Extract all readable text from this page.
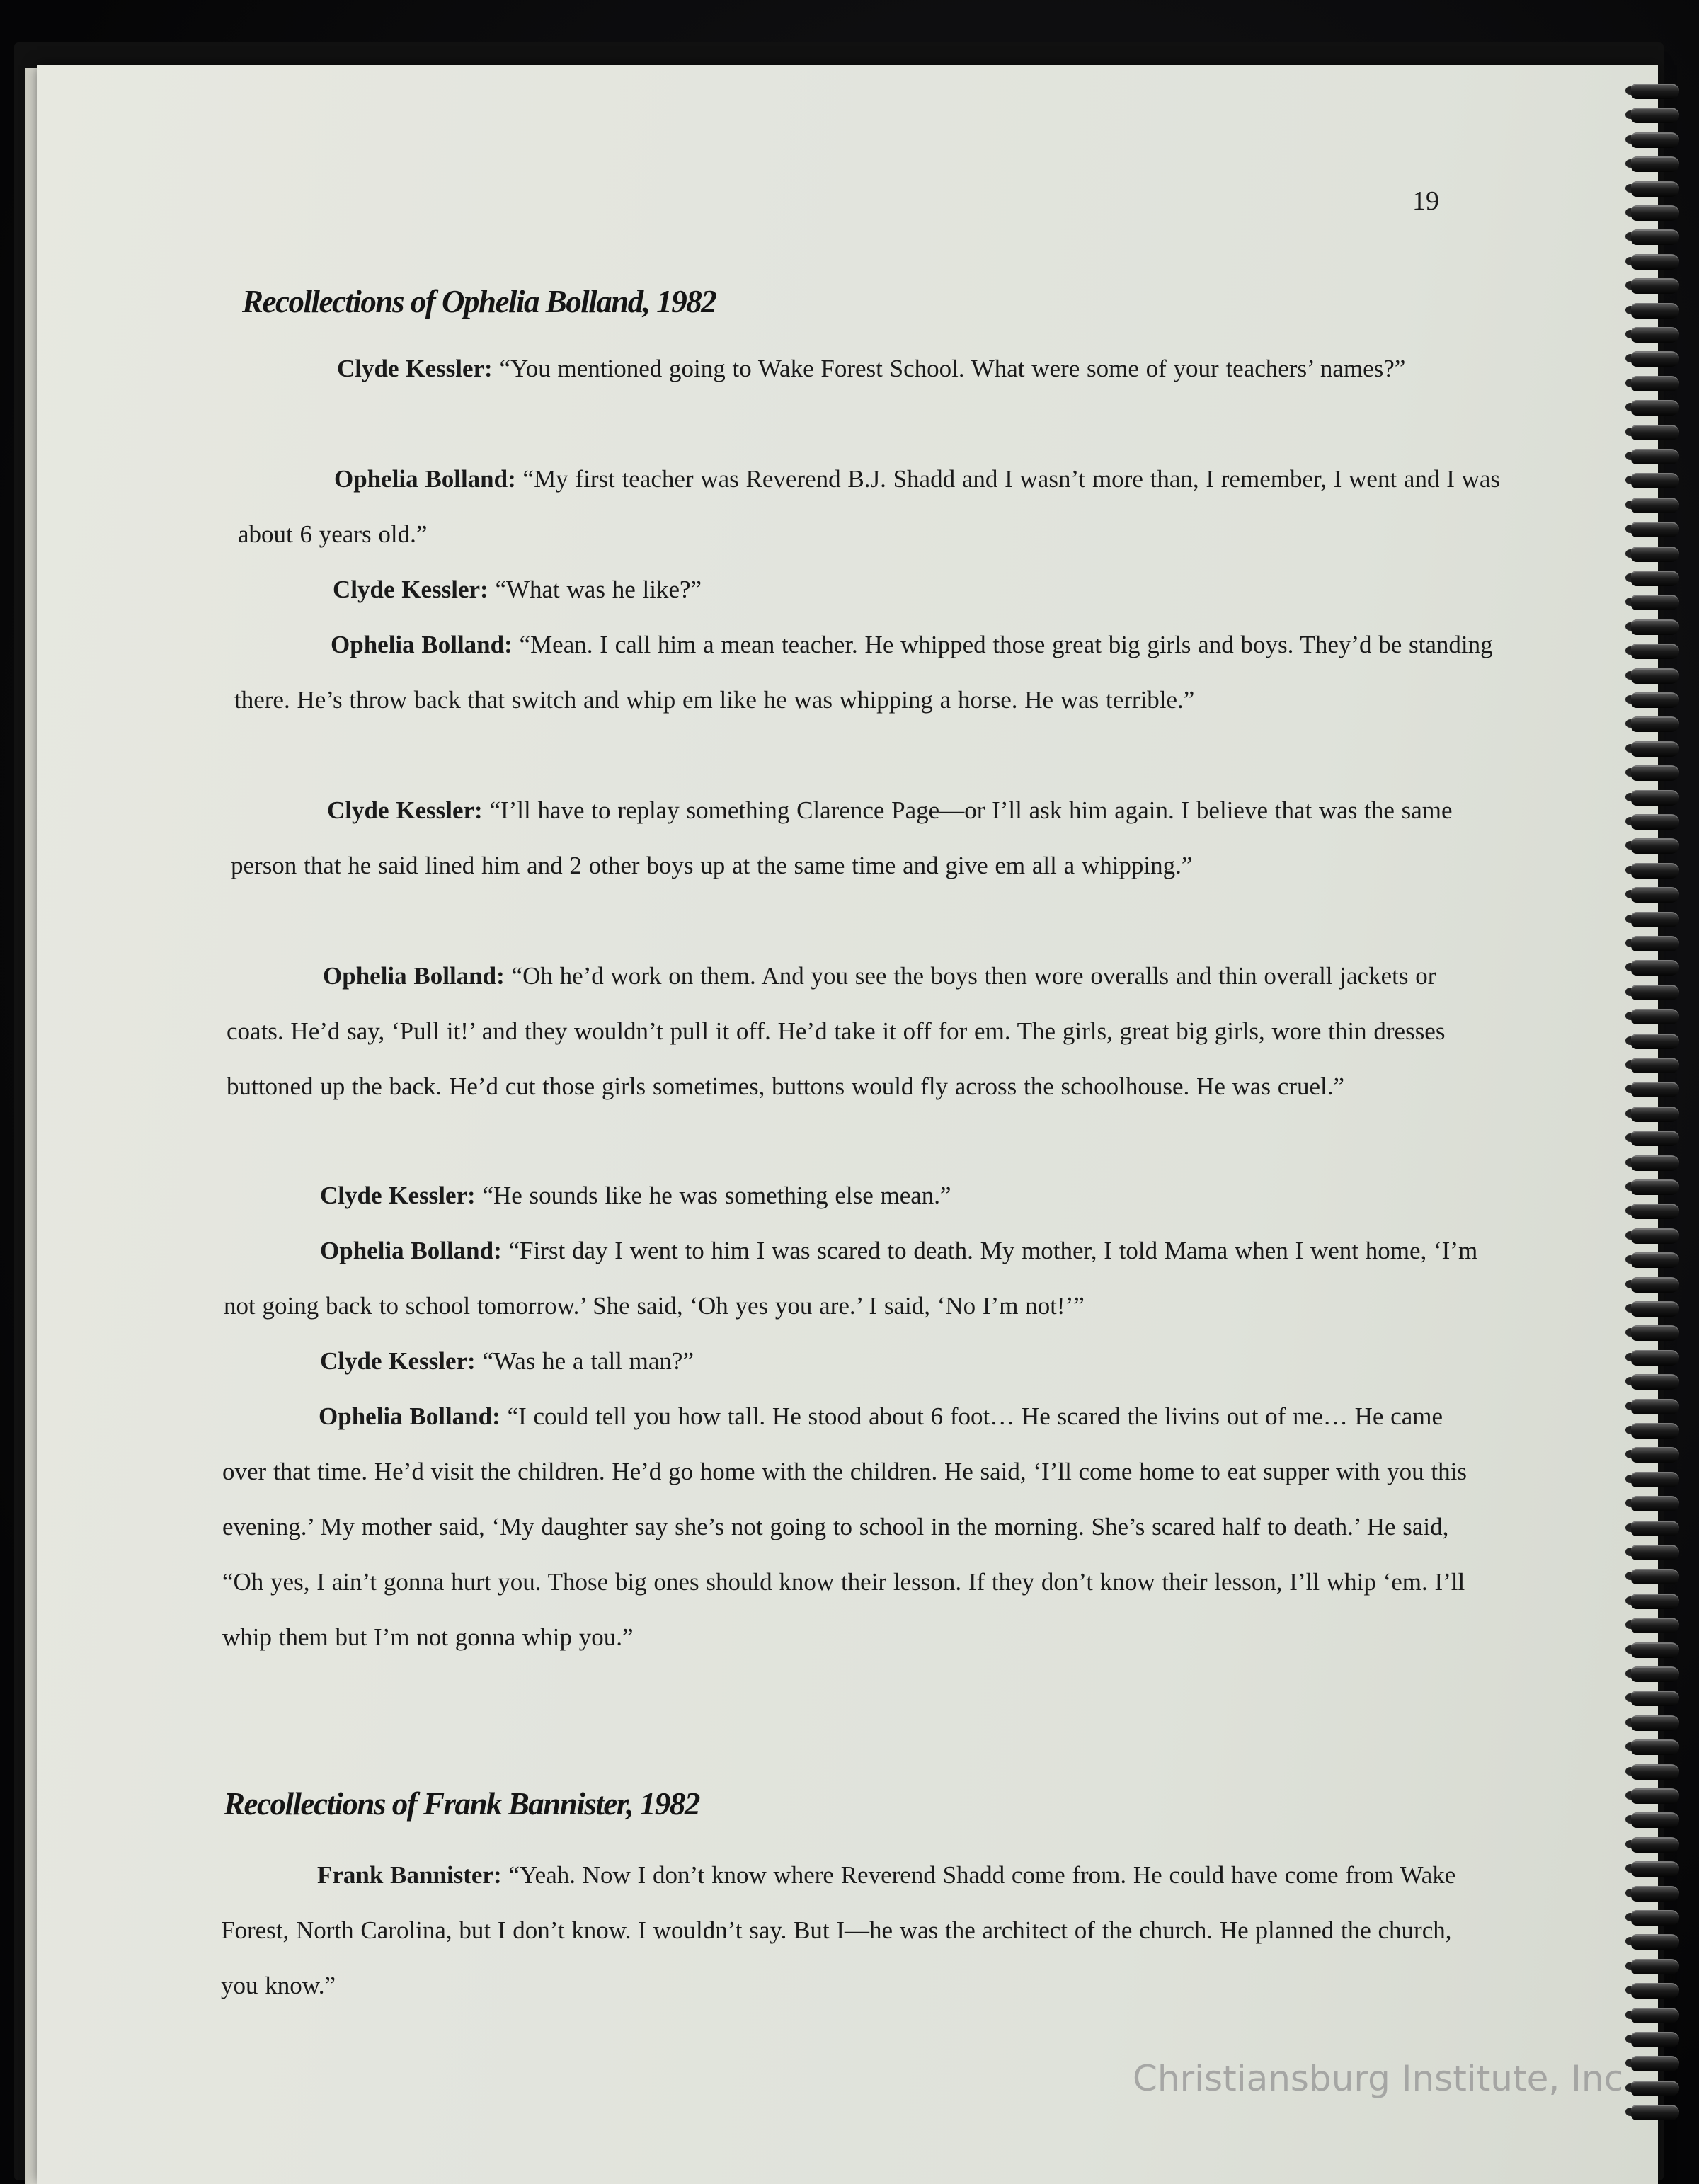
19
Recollections of Ophelia Bolland, 1982
Clyde Kessler: “You mentioned going to Wake Forest School. What were some of your teachers’ names?”
Ophelia Bolland: “My first teacher was Reverend B.J. Shadd and I wasn’t more than, I remember, I went and I was about 6 years old.”
Clyde Kessler: “What was he like?”
Ophelia Bolland: “Mean. I call him a mean teacher. He whipped those great big girls and boys. They’d be standing there. He’s throw back that switch and whip em like he was whipping a horse. He was terrible.”
Clyde Kessler: “I’ll have to replay something Clarence Page—or I’ll ask him again. I believe that was the same person that he said lined him and 2 other boys up at the same time and give em all a whipping.”
Ophelia Bolland: “Oh he’d work on them. And you see the boys then wore overalls and thin overall jackets or coats. He’d say, ‘Pull it!’ and they wouldn’t pull it off. He’d take it off for em. The girls, great big girls, wore thin dresses buttoned up the back. He’d cut those girls sometimes, buttons would fly across the schoolhouse. He was cruel.”
Clyde Kessler: “He sounds like he was something else mean.”
Ophelia Bolland: “First day I went to him I was scared to death. My mother, I told Mama when I went home, ‘I’m not going back to school tomorrow.’ She said, ‘Oh yes you are.’ I said, ‘No I’m not!’”
Clyde Kessler: “Was he a tall man?”
Ophelia Bolland: “I could tell you how tall. He stood about 6 foot… He scared the livins out of me… He came over that time. He’d visit the children. He’d go home with the children. He said, ‘I’ll come home to eat supper with you this evening.’ My mother said, ‘My daughter say she’s not going to school in the morning. She’s scared half to death.’ He said, “Oh yes, I ain’t gonna hurt you. Those big ones should know their lesson. If they don’t know their lesson, I’ll whip ‘em. I’ll whip them but I’m not gonna whip you.”
Recollections of Frank Bannister, 1982
Frank Bannister: “Yeah. Now I don’t know where Reverend Shadd come from. He could have come from Wake Forest, North Carolina, but I don’t know. I wouldn’t say. But I—he was the architect of the church. He planned the church, you know.”
Christiansburg Institute, Inc
